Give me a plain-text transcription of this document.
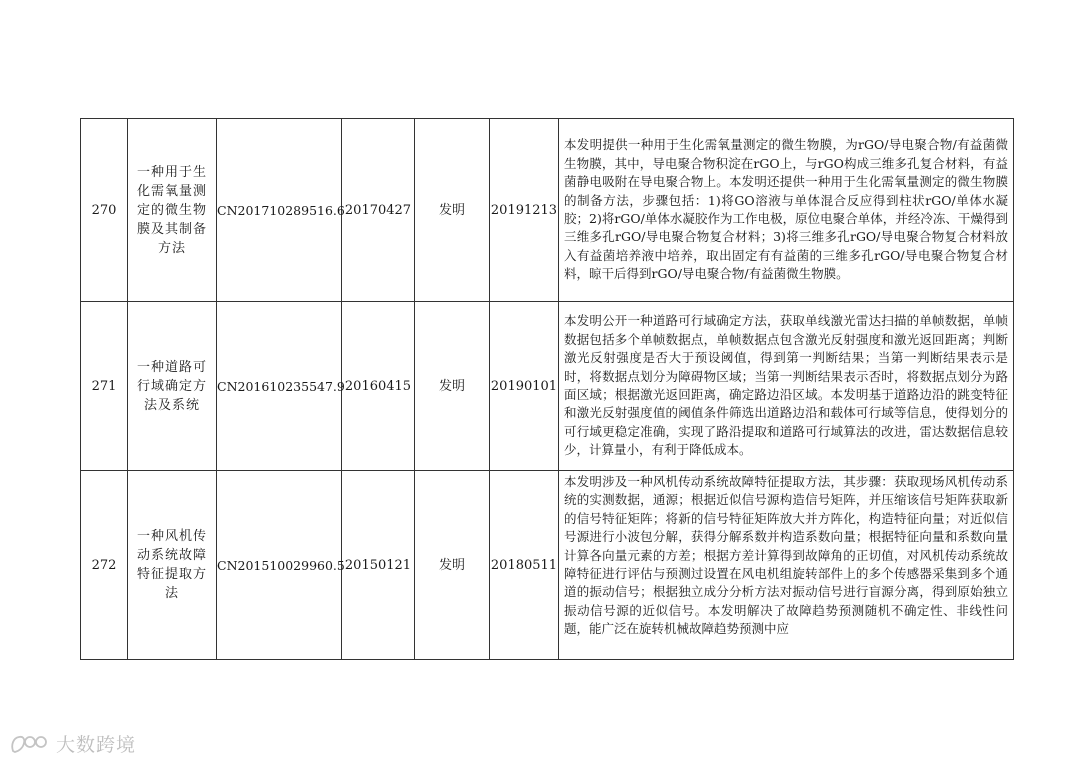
270	一种用于生化需氧量测定的微生物膜及其制备方法	CN201710289516.6	20170427	发明	20191213	本发明提供一种用于生化需氧量测定的微生物膜，为rGO/导电聚合物/有益菌微生物膜，其中，导电聚合物积淀在rGO上，与rGO构成三维多孔复合材料，有益菌静电吸附在导电聚合物上。本发明还提供一种用于生化需氧量测定的微生物膜的制备方法，步骤包括：1)将GO溶液与单体混合反应得到柱状rGO/单体水凝胶；2)将rGO/单体水凝胶作为工作电极，原位电聚合单体，并经冷冻、干燥得到三维多孔rGO/导电聚合物复合材料；3)将三维多孔rGO/导电聚合物复合材料放入有益菌培养液中培养，取出固定有有益菌的三维多孔rGO/导电聚合物复合材料，晾干后得到rGO/导电聚合物/有益菌微生物膜。
271	一种道路可行域确定方法及系统	CN201610235547.9	20160415	发明	20190101	本发明公开一种道路可行域确定方法，获取单线激光雷达扫描的单帧数据，单帧数据包括多个单帧数据点，单帧数据点包含激光反射强度和激光返回距离；判断激光反射强度是否大于预设阈值，得到第一判断结果；当第一判断结果表示是时，将数据点划分为障碍物区域；当第一判断结果表示否时，将数据点划分为路面区域；根据激光返回距离，确定路边沿区域。本发明基于道路边沿的跳变特征和激光反射强度值的阈值条件筛选出道路边沿和载体可行域等信息，使得划分的可行域更稳定准确，实现了路沿提取和道路可行域算法的改进，雷达数据信息较少，计算量小，有利于降低成本。
272	一种风机传动系统故障特征提取方法	CN201510029960.5	20150121	发明	20180511	本发明涉及一种风机传动系统故障特征提取方法，其步骤：获取现场风机传动系统的实测数据，通源；根据近似信号源构造信号矩阵，并压缩该信号矩阵获取新的信号特征矩阵；将新的信号特征矩阵放大并方阵化，构造特征向量；对近似信号源进行小波包分解，获得分解系数并构造系数向量；根据特征向量和系数向量计算各向量元素的方差；根据方差计算得到故障角的正切值，对风机传动系统故障特征进行评估与预测过设置在风电机组旋转部件上的多个传感器采集到多个通道的振动信号；根据独立成分分析方法对振动信号进行盲源分离，得到原始独立振动信号源的近似信号。本发明解决了故障趋势预测随机不确定性、非线性问题，能广泛在旋转机械故障趋势预测中应
大数跨境
